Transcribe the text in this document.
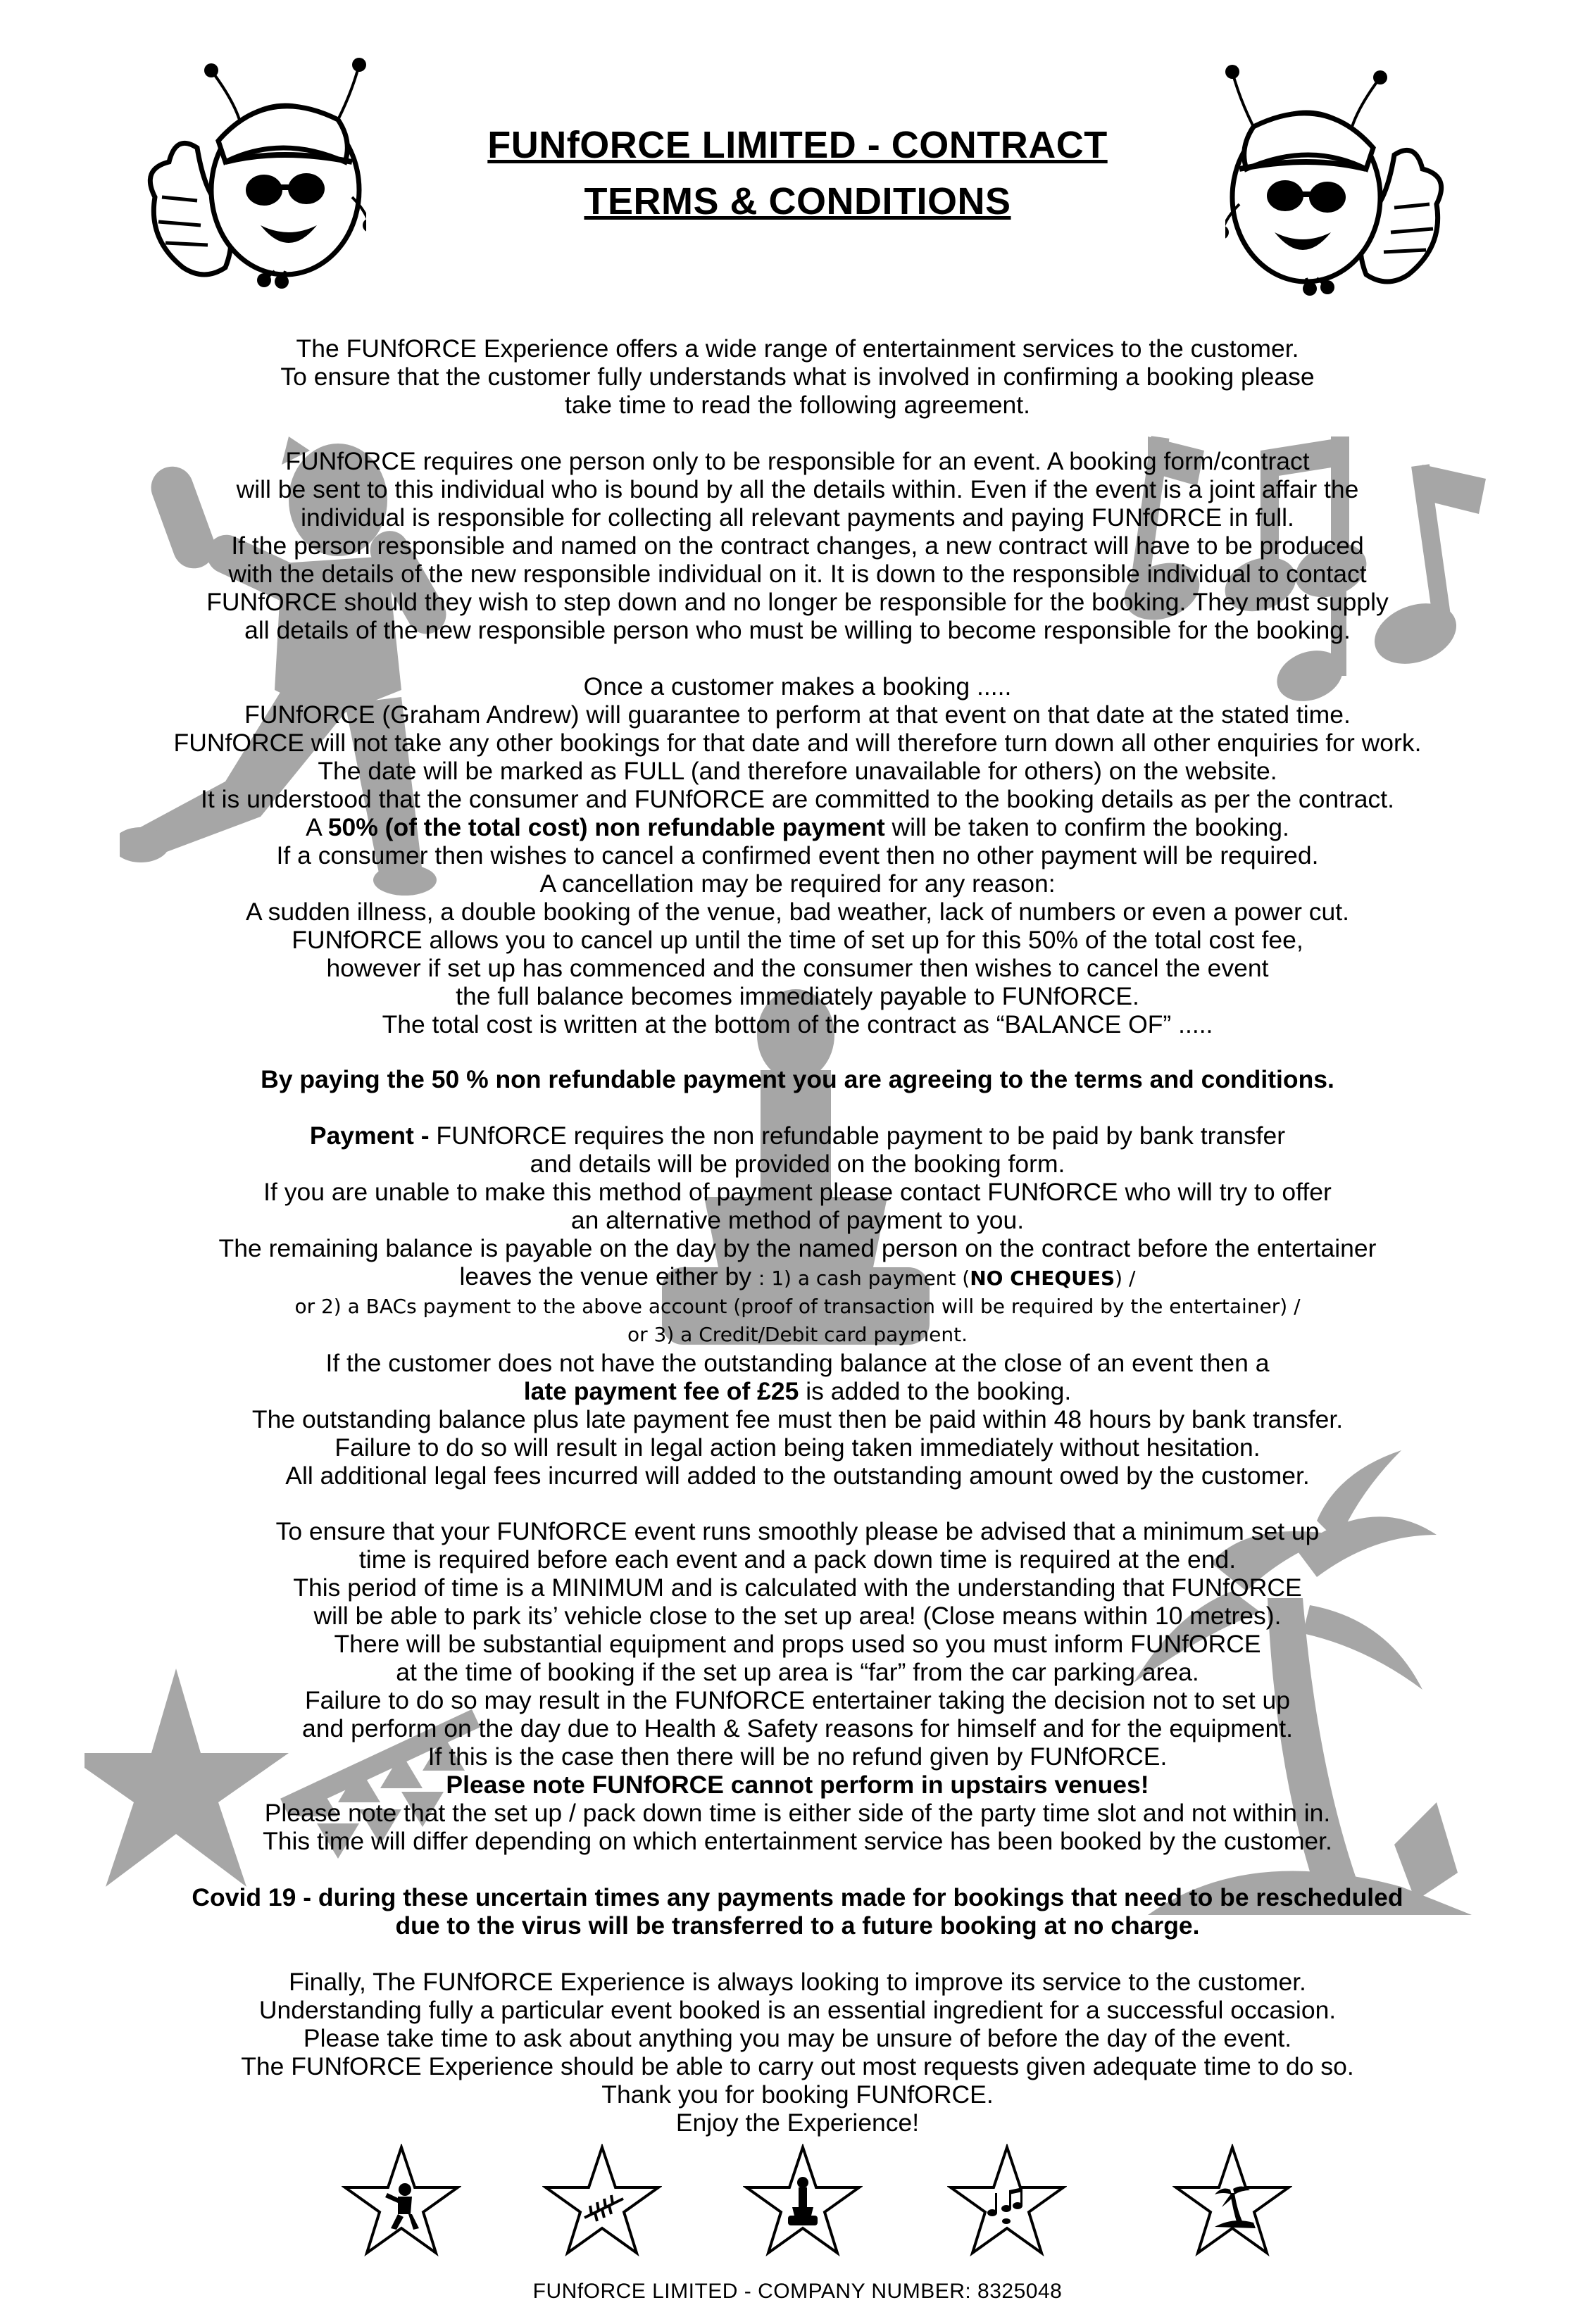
FUNfORCE LIMITED - CONTRACT
TERMS & CONDITIONS

The FUNfORCE Experience offers a wide range of entertainment services to the customer.

To ensure that the customer fully understands what is involved in confirming a booking please

take time to read the following agreement.

FUNfORCE requires one person only to be responsible for an event. A booking form/contract

will be sent to this individual who is bound by all the details within. Even if the event is a joint affair the

individual is responsible for collecting all relevant payments and paying FUNfORCE in full.

If the person responsible and named on the contract changes, a new contract will have to be produced

with the details of the new responsible individual on it. It is down to the responsible individual to contact

FUNfORCE should they wish to step down and no longer be responsible for the booking. They must supply

all details of the new responsible person who must be willing to become responsible for the booking.

Once a customer makes a booking .....

FUNfORCE (Graham Andrew) will guarantee to perform at that event on that date at the stated time.

FUNfORCE will not take any other bookings for that date and will therefore turn down all other enquiries for work.

The date will be marked as FULL (and therefore unavailable for others) on the website.

It is understood that the consumer and FUNfORCE are committed to the booking details as per the contract.

A 50% (of the total cost) non refundable payment will be taken to confirm the booking.

If a consumer then wishes to cancel a confirmed event then no other payment will be required.

A cancellation may be required for any reason:

A sudden illness, a double booking of the venue, bad weather, lack of numbers or even a power cut.

FUNfORCE allows you to cancel up until the time of set up for this 50% of the total cost fee,

however if set up has commenced and the consumer then wishes to cancel the event

the full balance becomes immediately payable to FUNfORCE.

The total cost is written at the bottom of the contract as “BALANCE OF” .....

By paying the 50 % non refundable payment you are agreeing to the terms and conditions.

Payment - FUNfORCE requires the non refundable payment to be paid by bank transfer

and details will be provided on the booking form.

If you are unable to make this method of payment please contact FUNfORCE who will try to offer

an alternative method of payment to you.

The remaining balance is payable on the day by the named person on the contract before the entertainer

leaves the venue either by : 1) a cash payment (NO CHEQUES) /

or 2) a BACs payment to the above account (proof of transaction will be required by the entertainer) /

or 3) a Credit/Debit card payment.

If the customer does not have the outstanding balance at the close of an event then a

late payment fee of £25 is added to the booking.

The outstanding balance plus late payment fee must then be paid within 48 hours by bank transfer.

Failure to do so will result in legal action being taken immediately without hesitation.

All additional legal fees incurred will added to the outstanding amount owed by the customer.

To ensure that your FUNfORCE event runs smoothly please be advised that a minimum set up

time is required before each event and a pack down time is required at the end.

This period of time is a MINIMUM and is calculated with the understanding that FUNfORCE

will be able to park its’ vehicle close to the set up area! (Close means within 10 metres).

There will be substantial equipment and props used so you must inform FUNfORCE

at the time of booking if the set up area is “far” from the car parking area.

Failure to do so may result in the FUNfORCE entertainer taking the decision not to set up

and perform on the day due to Health & Safety reasons for himself and for the equipment.

If this is the case then there will be no refund given by FUNfORCE.

Please note FUNfORCE cannot perform in upstairs venues!

Please note that the set up / pack down time is either side of the party time slot and not within in.

This time will differ depending on which entertainment service has been booked by the customer.

Covid 19 - during these uncertain times any payments made for bookings that need to be rescheduled

due to the virus will be transferred to a future booking at no charge.

Finally, The FUNfORCE Experience is always looking to improve its service to the customer.

Understanding fully a particular event booked is an essential ingredient for a successful occasion.

Please take time to ask about anything you may be unsure of before the day of the event.

The FUNfORCE Experience should be able to carry out most requests given adequate time to do so.

Thank you for booking FUNfORCE.

Enjoy the Experience!

FUNfORCE LIMITED - COMPANY NUMBER: 8325048
